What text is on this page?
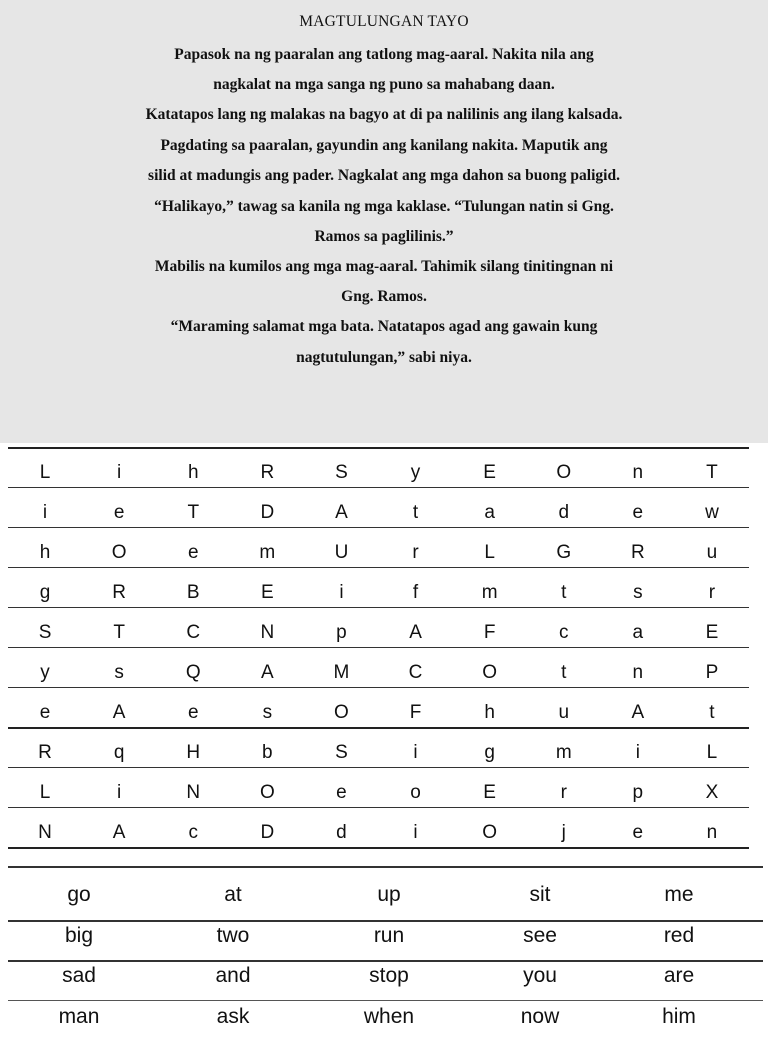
MAGTULUNGAN TAYO
Papasok na ng paaralan ang tatlong mag-aaral. Nakita nila ang
nagkalat na mga sanga ng puno sa mahabang daan.
Katatapos lang ng malakas na bagyo at di pa nalilinis ang ilang kalsada.
Pagdating sa paaralan, gayundin ang kanilang nakita. Maputik ang
silid at madungis ang pader. Nagkalat ang mga dahon sa buong paligid.
“Halikayo,” tawag sa kanila ng mga kaklase. “Tulungan natin si Gng.
Ramos sa paglilinis.”
Mabilis na kumilos ang mga mag-aaral. Tahimik silang tinitingnan ni
Gng. Ramos.
“Maraming salamat mga bata. Natatapos agad ang gawain kung
nagtutulungan,” sabi niya.
L	i	h	R	S	y	E	O	n	T
i	e	T	D	A	t	a	d	e	w
h	O	e	m	U	r	L	G	R	u
g	R	B	E	i	f	m	t	s	r
S	T	C	N	p	A	F	c	a	E
y	s	Q	A	M	C	O	t	n	P
e	A	e	s	O	F	h	u	A	t
R	q	H	b	S	i	g	m	i	L
L	i	N	O	e	o	E	r	p	X
N	A	c	D	d	i	O	j	e	n
go	at	up	sit	me
big	two	run	see	red
sad	and	stop	you	are
man	ask	when	now	him
